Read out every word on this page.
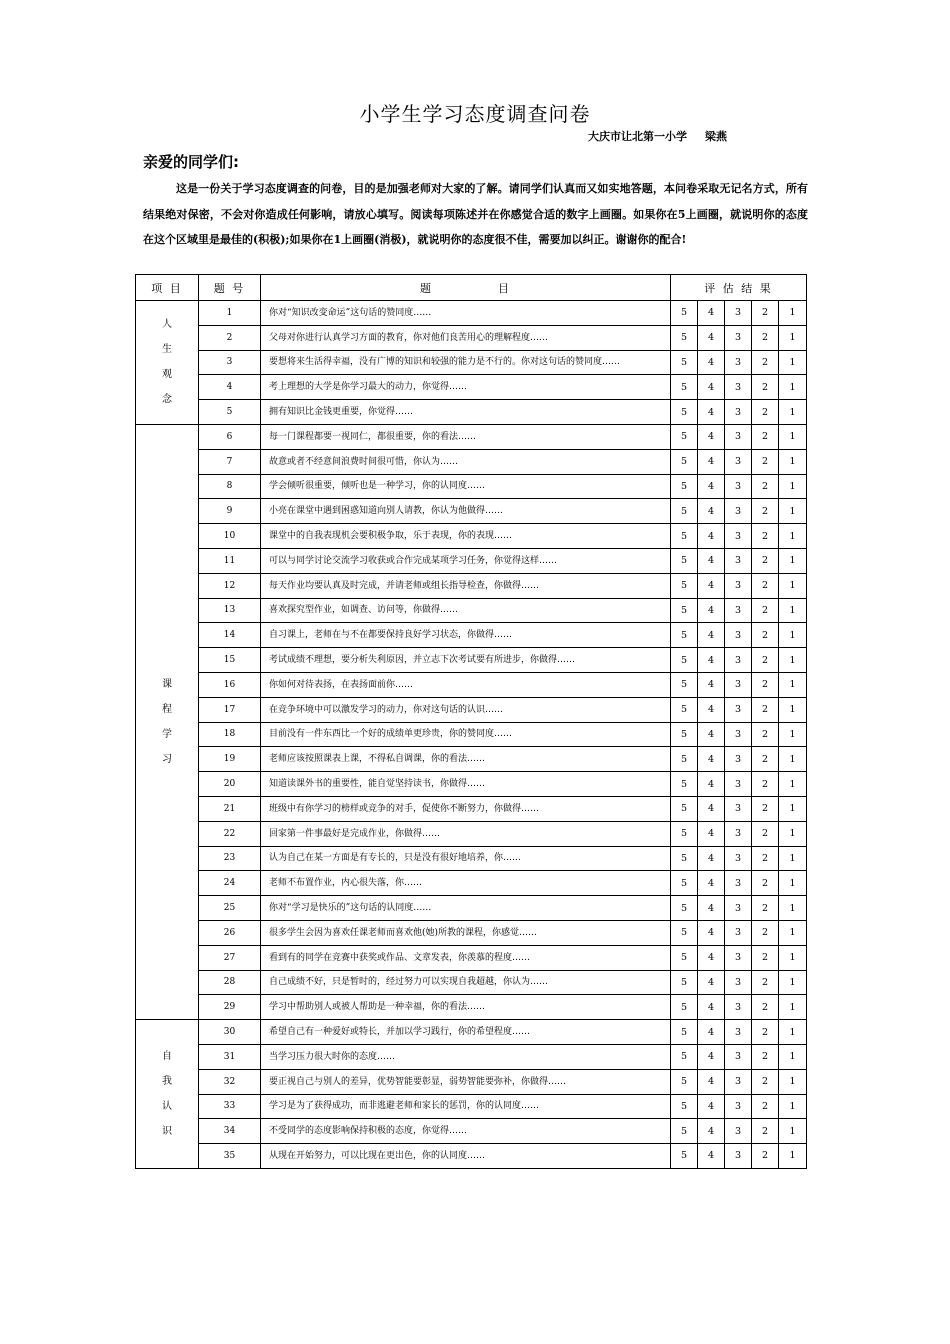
小学生学习态度调查问卷
大庆市让北第一小学 梁燕
亲爱的同学们:
这是一份关于学习态度调查的问卷，目的是加强老师对大家的了解。请同学们认真而又如实地答题，本问卷采取无记名方式，所有结果绝对保密，不会对你造成任何影响，请放心填写。阅读每项陈述并在你感觉合适的数字上画圈。如果你在5上画圈，就说明你的态度在这个区域里是最佳的(积极);如果你在1上画圈(消极)，就说明你的态度很不佳，需要加以纠正。谢谢你的配合!
项 目	题 号	题　　　　　目	评 估 结 果				

人
生
观
念	1	你对“知识改变命运”这句话的赞同度……	5	4	3	2	1
	2	父母对你进行认真学习方面的教育，你对他们良苦用心的理解程度……	5	4	3	2	1
	3	要想将来生活得幸福，没有广博的知识和较强的能力是不行的。你对这句话的赞同度……	5	4	3	2	1
	4	考上理想的大学是你学习最大的动力，你觉得……	5	4	3	2	1
	5	拥有知识比金钱更重要，你觉得……	5	4	3	2	1

课
程
学
习	6	每一门课程都要一视同仁，都很重要，你的看法……	5	4	3	2	1
	7	故意或者不经意间浪费时间很可惜，你认为……	5	4	3	2	1
	8	学会倾听很重要，倾听也是一种学习，你的认同度……	5	4	3	2	1
	9	小亮在课堂中遇到困惑知道向别人请教，你认为他做得……	5	4	3	2	1
	10	课堂中的自我表现机会要积极争取，乐于表现，你的表现……	5	4	3	2	1
	11	可以与同学讨论交流学习收获或合作完成某项学习任务，你觉得这样……	5	4	3	2	1
	12	每天作业均要认真及时完成，并请老师或组长指导检查，你做得……	5	4	3	2	1
	13	喜欢探究型作业，如调查、访问等，你做得……	5	4	3	2	1
	14	自习课上，老师在与不在都要保持良好学习状态，你做得……	5	4	3	2	1
	15	考试成绩不理想，要分析失利原因，并立志下次考试要有所进步，你做得……	5	4	3	2	1
	16	你如何对待表扬，在表扬面前你……	5	4	3	2	1
	17	在竞争环境中可以激发学习的动力，你对这句话的认识……	5	4	3	2	1
	18	目前没有一件东西比一个好的成绩单更珍贵，你的赞同度……	5	4	3	2	1
	19	老师应该按照课表上课，不得私自调课，你的看法……	5	4	3	2	1
	20	知道读课外书的重要性，能自觉坚持读书，你做得……	5	4	3	2	1
	21	班级中有你学习的榜样或竞争的对手，促使你不断努力，你做得……	5	4	3	2	1
	22	回家第一件事最好是完成作业，你做得……	5	4	3	2	1
	23	认为自己在某一方面是有专长的，只是没有很好地培养，你……	5	4	3	2	1
	24	老师不布置作业，内心很失落，你……	5	4	3	2	1
	25	你对“学习是快乐的”这句话的认同度……	5	4	3	2	1
	26	很多学生会因为喜欢任课老师而喜欢他(她)所教的课程，你感觉……	5	4	3	2	1
	27	看到有的同学在竞赛中获奖或作品、文章发表，你羡慕的程度……	5	4	3	2	1
	28	自己成绩不好，只是暂时的，经过努力可以实现自我超越，你认为……	5	4	3	2	1
	29	学习中帮助别人或被人帮助是一种幸福，你的看法……	5	4	3	2	1

自
我
认
识	30	希望自己有一种爱好或特长，并加以学习践行，你的希望程度……	5	4	3	2	1
	31	当学习压力很大时你的态度……	5	4	3	2	1
	32	要正视自己与别人的差异，优势智能要彰显，弱势智能要弥补，你做得……	5	4	3	2	1
	33	学习是为了获得成功，而非逃避老师和家长的惩罚，你的认同度……	5	4	3	2	1
	34	不受同学的态度影响保持积极的态度，你觉得……	5	4	3	2	1
	35	从现在开始努力，可以比现在更出色，你的认同度……	5	4	3	2	1
